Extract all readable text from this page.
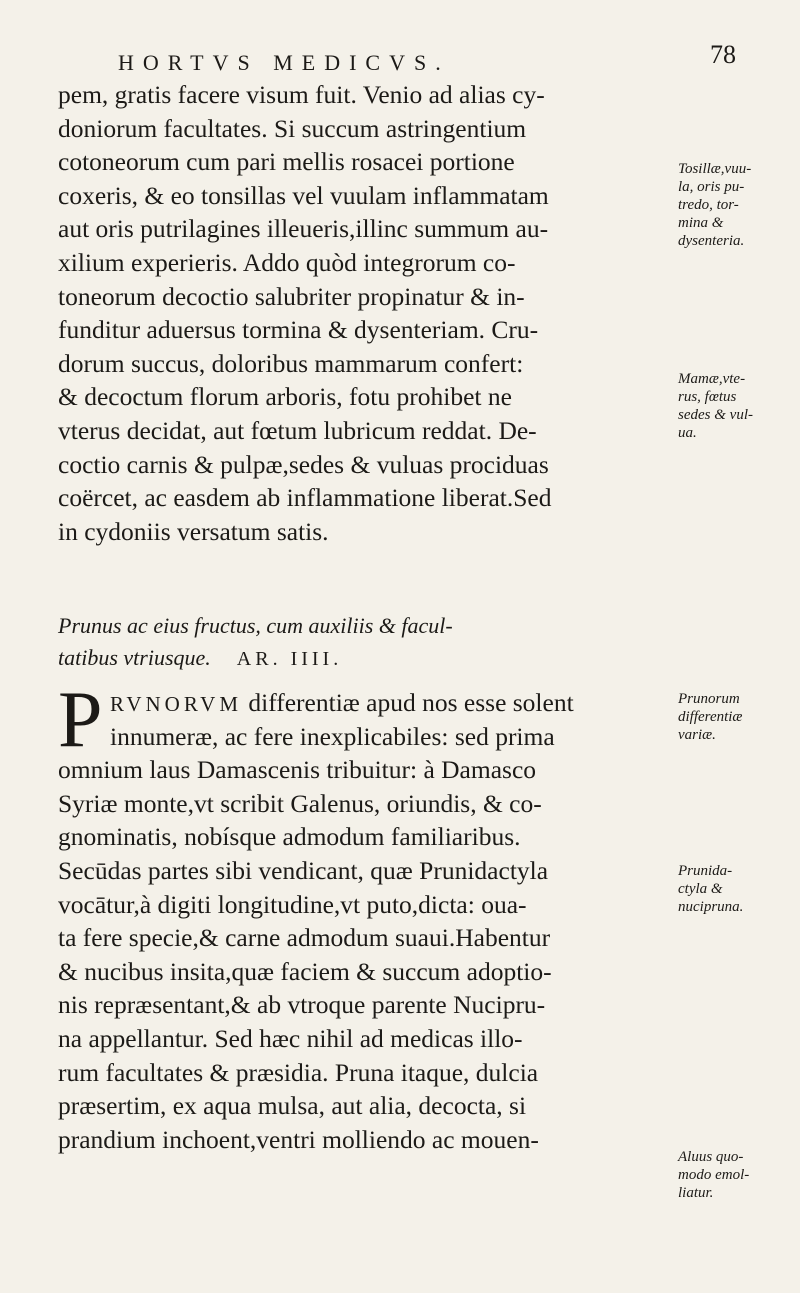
HORTVS MEDICVS.	78
pem, gratis facere visum fuit. Venio ad alias cy-
doniorum facultates. Si succum astringentium
cotoneorum cum pari mellis rosacei portione
coxeris, & eo tonsillas vel vuulam inflammatam
aut oris putrilagines illeueris,illinc summum au-
xilium experieris. Addo quòd integrorum co-
toneorum decoctio salubriter propinatur & in-
funditur aduersus tormina & dysenteriam. Cru-
dorum succus, doloribus mammarum confert:
& decoctum florum arboris, fotu prohibet ne
vterus decidat, aut fœtum lubricum reddat. De-
coctio carnis & pulpæ,sedes & vuluas prociduas
coërcet, ac easdem ab inflammatione liberat.Sed
in cydoniis versatum satis.
Prunus ac eius fructus, cum auxiliis & facul-
tatibus vtriusque. AR. IIII.
P RVNORVM differentiæ apud nos esse solent
innumeræ, ac fere inexplicabiles: sed prima
omnium laus Damascenis tribuitur: à Damasco
Syriæ monte,vt scribit Galenus, oriundis, & co-
gnominatis, nobísque admodum familiaribus.
Secūdas partes sibi vendicant, quæ Prunidactyla
vocātur,à digiti longitudine,vt puto,dicta: oua-
ta fere specie,& carne admodum suaui.Habentur
& nucibus insita,quæ faciem & succum adoptio-
nis repræsentant,& ab vtroque parente Nucipru-
na appellantur. Sed hæc nihil ad medicas illo-
rum facultates & præsidia. Pruna itaque, dulcia
præsertim, ex aqua mulsa, aut alia, decocta, si
prandium inchoent,ventri molliendo ac mouen-
Tosillæ,vuu-
la, oris pu-
tredo, tor-
mina &
dysenteria.
Mamæ,vte-
rus, fœtus
sedes & vul-
ua.
Prunorum
differentiæ
variæ.
Prunida-
ctyla &
nucipruna.
Aluus quo-
modo emol-
liatur.
